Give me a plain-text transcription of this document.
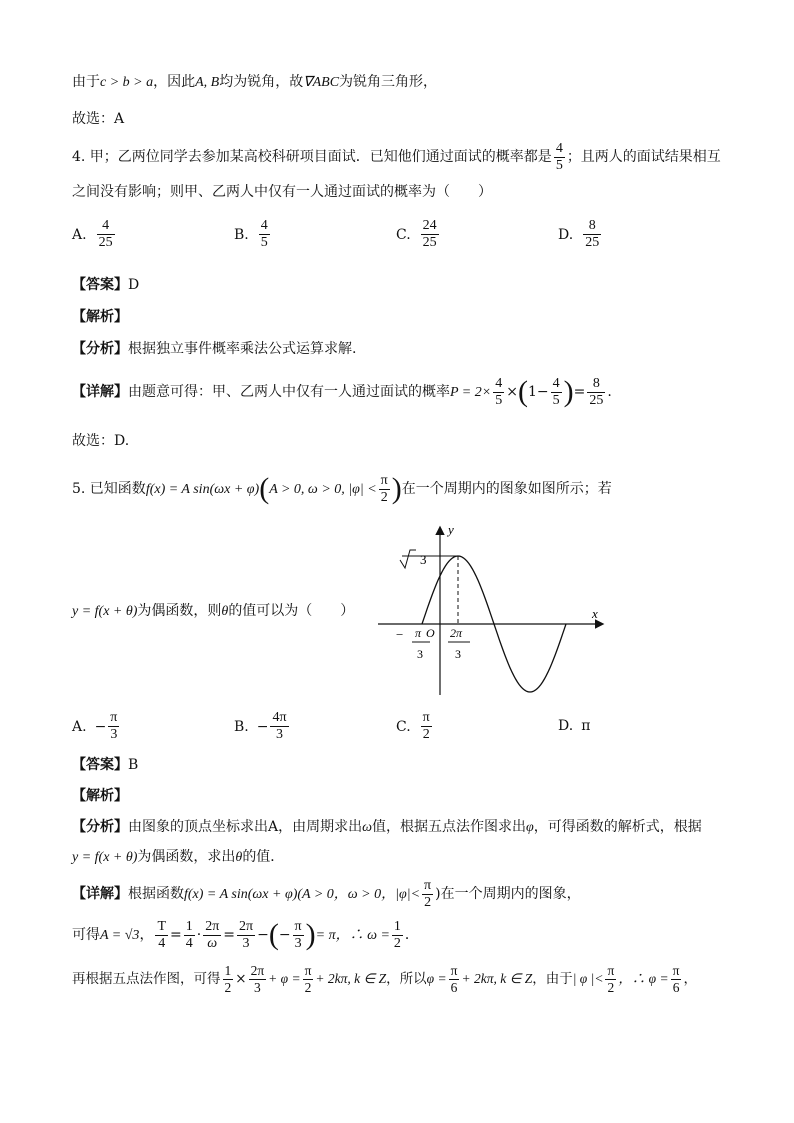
由于c > b > a，因此A, B均为锐角，故∇ABC为锐角三角形，
故选：A
4. 甲；乙两位同学去参加某高校科研项目面试．已知他们通过面试的概率都是 $\frac{4}{5}$ ；且两人的面试结果相互
之间没有影响；则甲、乙两人中仅有一人通过面试的概率为（　　）
A. $\frac{4}{25}$	B. $\frac{4}{5}$	C. $\frac{24}{25}$	D. $\frac{8}{25}$
【答案】D
【解析】
【分析】根据独立事件概率乘法公式运算求解.
【详解】由题意可得：甲、乙两人中仅有一人通过面试的概率$P = 2\times \frac{4}{5} \times(1- \frac{4}{5}$ )= $\frac{8}{25}$ .
故选：D.
5. 已知函数f(x) = A sin(ωx + φ)(A > 0, ω > 0, $|\varphi| < \frac{\pi}{2}$ )在一个周期内的图象如图所示；若
y = f(x + θ)为偶函数，则θ的值可以为（　　）
y
x
3
− π O
3
2π
3
A. − $\frac{\pi}{3}$	B. − $\frac{4\pi}{3}$	C. $\frac{\pi}{2}$	D. π
【答案】B
【解析】
【分析】由图象的顶点坐标求出A，由周期求出ω值，根据五点法作图求出φ，可得函数的解析式，根据
y = f(x + θ)为偶函数，求出θ的值．
【详解】根据函数f(x) = A sin(ωx + φ)(A > 0，ω > 0，$|\varphi|< \frac{\pi}{2}$ )在一个周期内的图象，
可得A = √3， $\frac{T}{4} = \frac{1}{4} \cdot \frac{2\pi}{\omega} = \frac{2\pi}{3}$ −(− $\frac{\pi}{3}$ )= π，∴ $\omega = \frac{1}{2}$ ．
再根据五点法作图，可得 $\frac{1}{2} \times \frac{2\pi}{3} + \varphi = \frac{\pi}{2} + 2k\pi$, k ∈ Z，所以$\varphi = \frac{\pi}{6} + 2k\pi$, k ∈ Z，由于| φ |< $\frac{\pi}{2}$ ，∴ $\varphi = \frac{\pi}{6}$ ，
